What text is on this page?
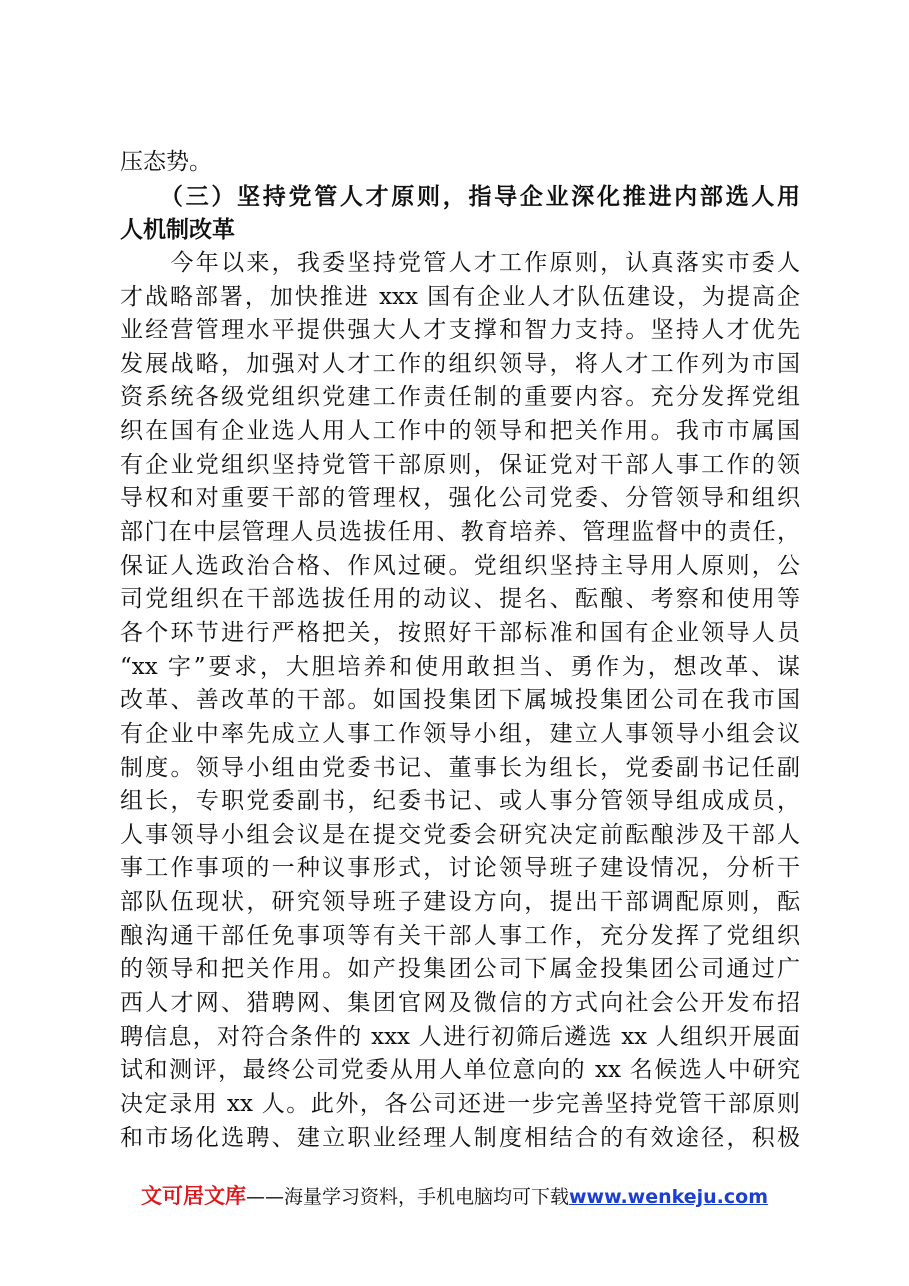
压态势。
　　（三）坚持党管人才原则，指导企业深化推进内部选人用
人机制改革
　　今年以来，我委坚持党管人才工作原则，认真落实市委人
才战略部署，加快推进 xxx 国有企业人才队伍建设，为提高企
业经营管理水平提供强大人才支撑和智力支持。坚持人才优先
发展战略，加强对人才工作的组织领导，将人才工作列为市国
资系统各级党组织党建工作责任制的重要内容。充分发挥党组
织在国有企业选人用人工作中的领导和把关作用。我市市属国
有企业党组织坚持党管干部原则，保证党对干部人事工作的领
导权和对重要干部的管理权，强化公司党委、分管领导和组织
部门在中层管理人员选拔任用、教育培养、管理监督中的责任，
保证人选政治合格、作风过硬。党组织坚持主导用人原则，公
司党组织在干部选拔任用的动议、提名、酝酿、考察和使用等
各个环节进行严格把关，按照好干部标准和国有企业领导人员
“xx 字”要求，大胆培养和使用敢担当、勇作为，想改革、谋
改革、善改革的干部。如国投集团下属城投集团公司在我市国
有企业中率先成立人事工作领导小组，建立人事领导小组会议
制度。领导小组由党委书记、董事长为组长，党委副书记任副
组长，专职党委副书，纪委书记、或人事分管领导组成成员，
人事领导小组会议是在提交党委会研究决定前酝酿涉及干部人
事工作事项的一种议事形式，讨论领导班子建设情况，分析干
部队伍现状，研究领导班子建设方向，提出干部调配原则，酝
酿沟通干部任免事项等有关干部人事工作，充分发挥了党组织
的领导和把关作用。如产投集团公司下属金投集团公司通过广
西人才网、猎聘网、集团官网及微信的方式向社会公开发布招
聘信息，对符合条件的 xxx 人进行初筛后遴选 xx 人组织开展面
试和测评，最终公司党委从用人单位意向的 xx 名候选人中研究
决定录用 xx 人。此外，各公司还进一步完善坚持党管干部原则
和市场化选聘、建立职业经理人制度相结合的有效途径，积极
文可居文库——海量学习资料，手机电脑均可下载www.wenkeju.com
